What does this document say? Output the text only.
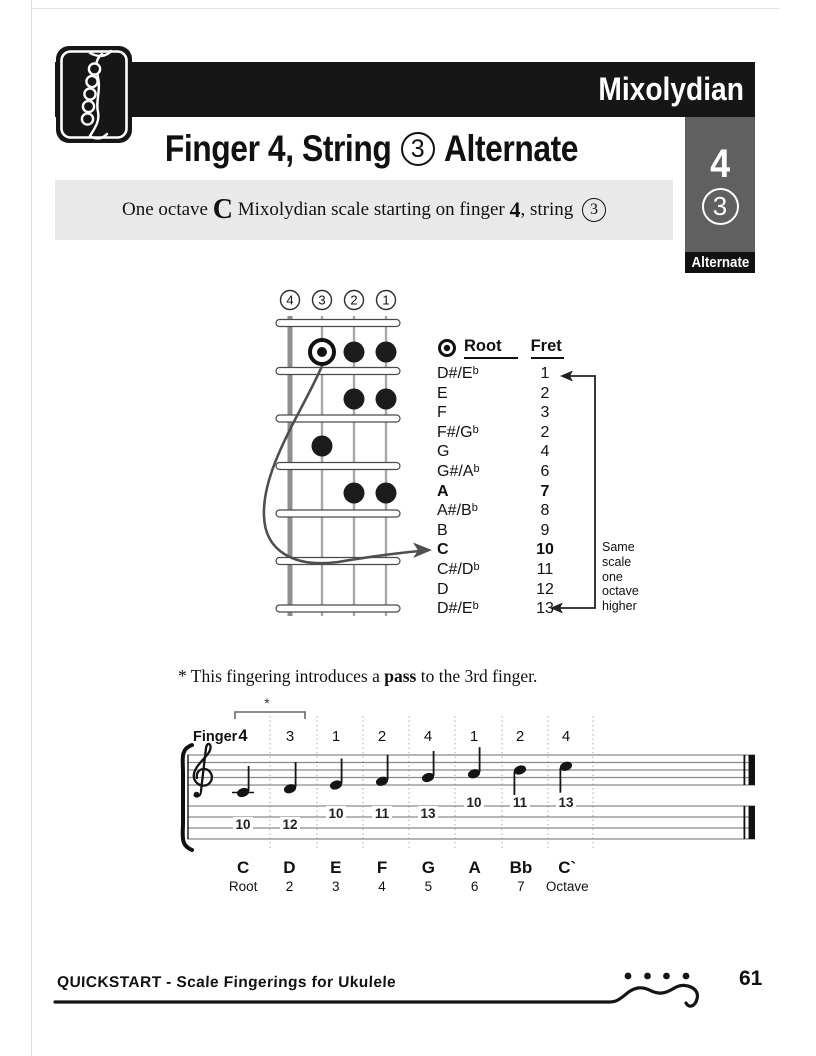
Mixolydian
Finger 4, String 3 Alternate
One octave C Mixolydian scale starting on finger 4 , string 3
4
3
Alternate
Root	Fret
$D\#/E^b$	1
E	2
F	3
$F\#/G^b$	2
G	4
$G\#/A^b$	6
A	7
$A\#/B^b$	8
B	9
C	10
$C\#/D^b$	11
D	12
$D\#/E^b$	13
Same
scale
one
octave
higher
* This fingering introduces a pass to the 3rd finger.
C	D	E	F	G	A	Bb	C`
Root	2	3	4	5	6	7	Octave
QUICKSTART - Scale Fingerings for Ukulele	61
4 3 2 1
*
Finger 4	3	1	2	4	1	2	4
10 12
10 11 13
10 11 13
